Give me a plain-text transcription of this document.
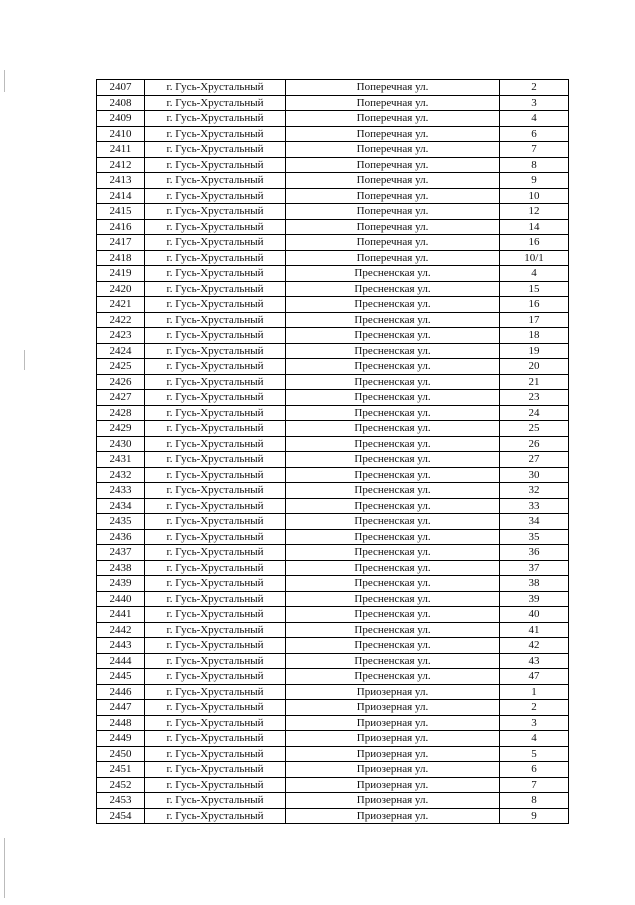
2407	г. Гусь-Хрустальный	Поперечная ул.	2
2408	г. Гусь-Хрустальный	Поперечная ул.	3
2409	г. Гусь-Хрустальный	Поперечная ул.	4
2410	г. Гусь-Хрустальный	Поперечная ул.	6
2411	г. Гусь-Хрустальный	Поперечная ул.	7
2412	г. Гусь-Хрустальный	Поперечная ул.	8
2413	г. Гусь-Хрустальный	Поперечная ул.	9
2414	г. Гусь-Хрустальный	Поперечная ул.	10
2415	г. Гусь-Хрустальный	Поперечная ул.	12
2416	г. Гусь-Хрустальный	Поперечная ул.	14
2417	г. Гусь-Хрустальный	Поперечная ул.	16
2418	г. Гусь-Хрустальный	Поперечная ул.	10/1
2419	г. Гусь-Хрустальный	Пресненская ул.	4
2420	г. Гусь-Хрустальный	Пресненская ул.	15
2421	г. Гусь-Хрустальный	Пресненская ул.	16
2422	г. Гусь-Хрустальный	Пресненская ул.	17
2423	г. Гусь-Хрустальный	Пресненская ул.	18
2424	г. Гусь-Хрустальный	Пресненская ул.	19
2425	г. Гусь-Хрустальный	Пресненская ул.	20
2426	г. Гусь-Хрустальный	Пресненская ул.	21
2427	г. Гусь-Хрустальный	Пресненская ул.	23
2428	г. Гусь-Хрустальный	Пресненская ул.	24
2429	г. Гусь-Хрустальный	Пресненская ул.	25
2430	г. Гусь-Хрустальный	Пресненская ул.	26
2431	г. Гусь-Хрустальный	Пресненская ул.	27
2432	г. Гусь-Хрустальный	Пресненская ул.	30
2433	г. Гусь-Хрустальный	Пресненская ул.	32
2434	г. Гусь-Хрустальный	Пресненская ул.	33
2435	г. Гусь-Хрустальный	Пресненская ул.	34
2436	г. Гусь-Хрустальный	Пресненская ул.	35
2437	г. Гусь-Хрустальный	Пресненская ул.	36
2438	г. Гусь-Хрустальный	Пресненская ул.	37
2439	г. Гусь-Хрустальный	Пресненская ул.	38
2440	г. Гусь-Хрустальный	Пресненская ул.	39
2441	г. Гусь-Хрустальный	Пресненская ул.	40
2442	г. Гусь-Хрустальный	Пресненская ул.	41
2443	г. Гусь-Хрустальный	Пресненская ул.	42
2444	г. Гусь-Хрустальный	Пресненская ул.	43
2445	г. Гусь-Хрустальный	Пресненская ул.	47
2446	г. Гусь-Хрустальный	Приозерная ул.	1
2447	г. Гусь-Хрустальный	Приозерная ул.	2
2448	г. Гусь-Хрустальный	Приозерная ул.	3
2449	г. Гусь-Хрустальный	Приозерная ул.	4
2450	г. Гусь-Хрустальный	Приозерная ул.	5
2451	г. Гусь-Хрустальный	Приозерная ул.	6
2452	г. Гусь-Хрустальный	Приозерная ул.	7
2453	г. Гусь-Хрустальный	Приозерная ул.	8
2454	г. Гусь-Хрустальный	Приозерная ул.	9
